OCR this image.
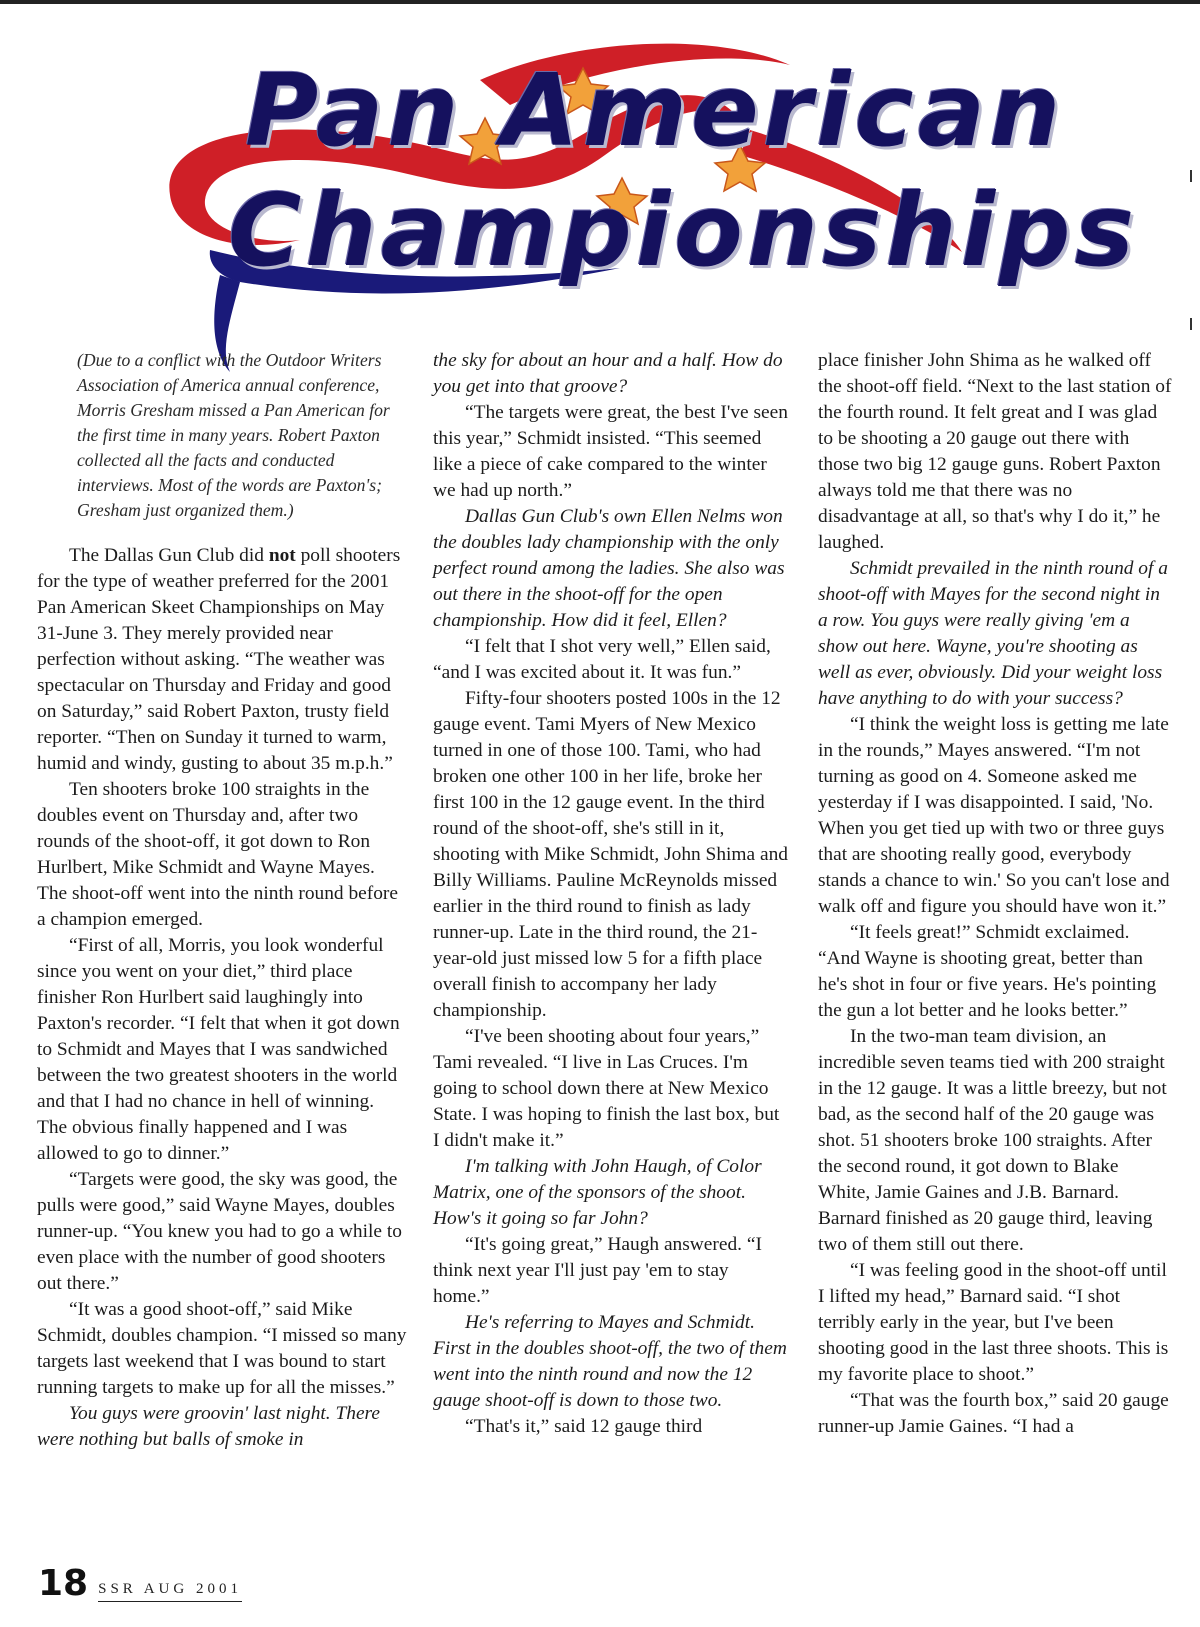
Pan American
Championships

(Due to a conflict with the Outdoor Writers Association of America annual conference, Morris Gresham missed a Pan American for the first time in many years. Robert Paxton collected all the facts and conducted interviews. Most of the words are Paxton's; Gresham just organized them.)

The Dallas Gun Club did not poll shooters for the type of weather preferred for the 2001 Pan American Skeet Championships on May 31-June 3. They merely provided near perfection without asking. “The weather was spectacular on Thursday and Friday and good on Saturday,” said Robert Paxton, trusty field reporter. “Then on Sunday it turned to warm, humid and windy, gusting to about 35 m.p.h.”

Ten shooters broke 100 straights in the doubles event on Thursday and, after two rounds of the shoot-off, it got down to Ron Hurlbert, Mike Schmidt and Wayne Mayes. The shoot-off went into the ninth round before a champion emerged.

“First of all, Morris, you look wonderful since you went on your diet,” third place finisher Ron Hurlbert said laughingly into Paxton's recorder. “I felt that when it got down to Schmidt and Mayes that I was sandwiched between the two greatest shooters in the world and that I had no chance in hell of winning. The obvious finally happened and I was allowed to go to dinner.”

“Targets were good, the sky was good, the pulls were good,” said Wayne Mayes, doubles runner-up. “You knew you had to go a while to even place with the number of good shooters out there.”

“It was a good shoot-off,” said Mike Schmidt, doubles champion. “I missed so many targets last weekend that I was bound to start running targets to make up for all the misses.”

You guys were groovin' last night. There were nothing but balls of smoke in

the sky for about an hour and a half. How do you get into that groove?

“The targets were great, the best I've seen this year,” Schmidt insisted. “This seemed like a piece of cake compared to the winter we had up north.”

Dallas Gun Club's own Ellen Nelms won the doubles lady championship with the only perfect round among the ladies. She also was out there in the shoot-off for the open championship. How did it feel, Ellen?

“I felt that I shot very well,” Ellen said, “and I was excited about it. It was fun.”

Fifty-four shooters posted 100s in the 12 gauge event. Tami Myers of New Mexico turned in one of those 100. Tami, who had broken one other 100 in her life, broke her first 100 in the 12 gauge event. In the third round of the shoot-off, she's still in it, shooting with Mike Schmidt, John Shima and Billy Williams. Pauline McReynolds missed earlier in the third round to finish as lady runner-up. Late in the third round, the 21-year-old just missed low 5 for a fifth place overall finish to accompany her lady championship.

“I've been shooting about four years,” Tami revealed. “I live in Las Cruces. I'm going to school down there at New Mexico State. I was hoping to finish the last box, but I didn't make it.”

I'm talking with John Haugh, of Color Matrix, one of the sponsors of the shoot. How's it going so far John?

“It's going great,” Haugh answered. “I think next year I'll just pay 'em to stay home.”

He's referring to Mayes and Schmidt. First in the doubles shoot-off, the two of them went into the ninth round and now the 12 gauge shoot-off is down to those two.

“That's it,” said 12 gauge third

place finisher John Shima as he walked off the shoot-off field. “Next to the last station of the fourth round. It felt great and I was glad to be shooting a 20 gauge out there with those two big 12 gauge guns. Robert Paxton always told me that there was no disadvantage at all, so that's why I do it,” he laughed.

Schmidt prevailed in the ninth round of a shoot-off with Mayes for the second night in a row. You guys were really giving 'em a show out here. Wayne, you're shooting as well as ever, obviously. Did your weight loss have anything to do with your success?

“I think the weight loss is getting me late in the rounds,” Mayes answered. “I'm not turning as good on 4. Someone asked me yesterday if I was disappointed. I said, 'No. When you get tied up with two or three guys that are shooting really good, everybody stands a chance to win.' So you can't lose and walk off and figure you should have won it.”

“It feels great!” Schmidt exclaimed. “And Wayne is shooting great, better than he's shot in four or five years. He's pointing the gun a lot better and he looks better.”

In the two-man team division, an incredible seven teams tied with 200 straight in the 12 gauge. It was a little breezy, but not bad, as the second half of the 20 gauge was shot. 51 shooters broke 100 straights. After the second round, it got down to Blake White, Jamie Gaines and J.B. Barnard. Barnard finished as 20 gauge third, leaving two of them still out there.

“I was feeling good in the shoot-off until I lifted my head,” Barnard said. “I shot terribly early in the year, but I've been shooting good in the last three shoots. This is my favorite place to shoot.”

“That was the fourth box,” said 20 gauge runner-up Jamie Gaines. “I had a

18 SSR AUG 2001
